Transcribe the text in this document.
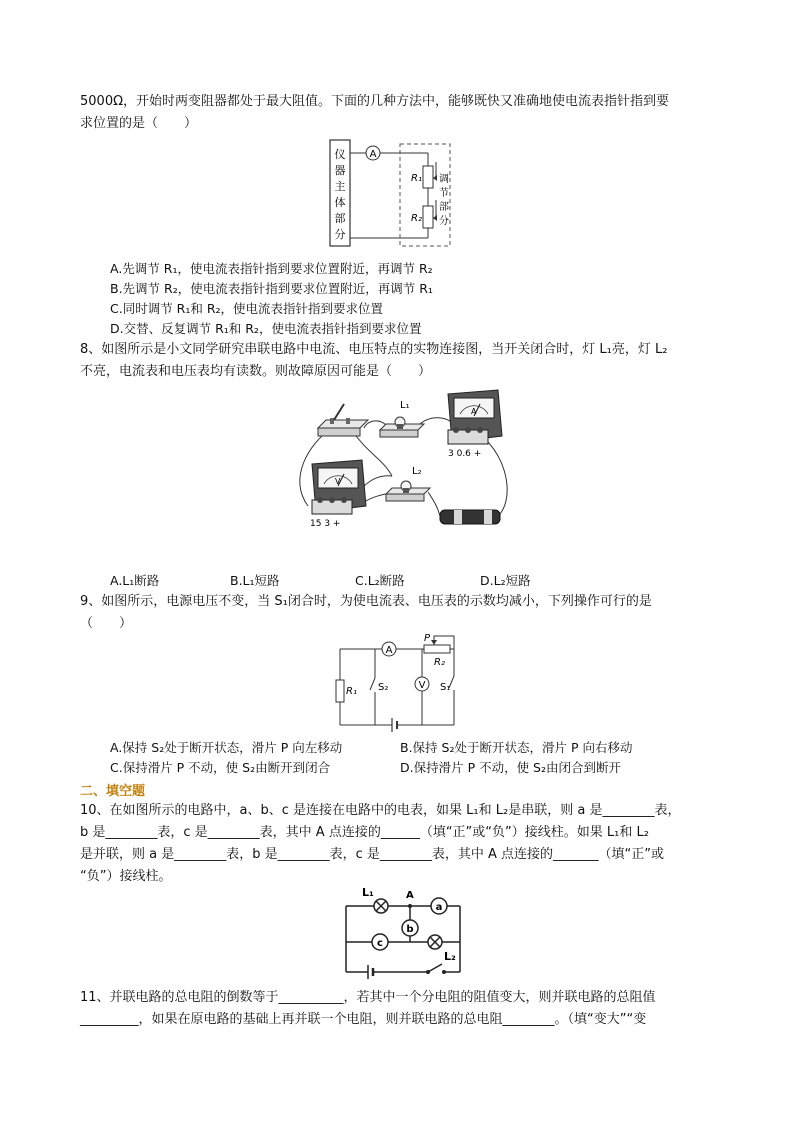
5000Ω，开始时两变阻器都处于最大阻值。下面的几种方法中，能够既快又准确地使电流表指针指到要
求位置的是（　　）
仪
器
主
体
部
分
A
R₁
R₂
调
节
部
分
A.先调节 R₁，使电流表指针指到要求位置附近，再调节 R₂
B.先调节 R₂，使电流表指针指到要求位置附近，再调节 R₁
C.同时调节 R₁和 R₂，使电流表指针指到要求位置
D.交替、反复调节 R₁和 R₂，使电流表指针指到要求位置
8、如图所示是小文同学研究串联电路中电流、电压特点的实物连接图，当开关闭合时，灯 L₁亮，灯 L₂
不亮，电流表和电压表均有读数。则故障原因可能是（　　）
L₁
A
3 0.6 +
V
15 3 +
L₂
A.L₁断路	B.L₁短路	C.L₂断路	D.L₂短路
9、如图所示，电源电压不变，当 S₁闭合时，为使电流表、电压表的示数均减小，下列操作可行的是
（　　）
A
P
R₂
S₁
R₁ S₂	V
A.保持 S₂处于断开状态，滑片 P 向左移动	B.保持 S₂处于断开状态，滑片 P 向右移动
C.保持滑片 P 不动，使 S₂由断开到闭合	D.保持滑片 P 不动，使 S₂由闭合到断开
二、填空题
10、在如图所示的电路中，a、b、c 是连接在电路中的电表，如果 L₁和 L₂是串联，则 a 是________表，
b 是________表，c 是________表，其中 A 点连接的______（填“正”或“负”）接线柱。如果 L₁和 L₂
是并联，则 a 是________表，b 是________表，c 是________表，其中 A 点连接的_______（填“正”或
“负”）接线柱。
L₁	A
a
b
c
L₂
11、并联电路的总电阻的倒数等于__________，若其中一个分电阻的阻值变大，则并联电路的总阻值
_________，如果在原电路的基础上再并联一个电阻，则并联电路的总电阻________。（填“变大”“变
